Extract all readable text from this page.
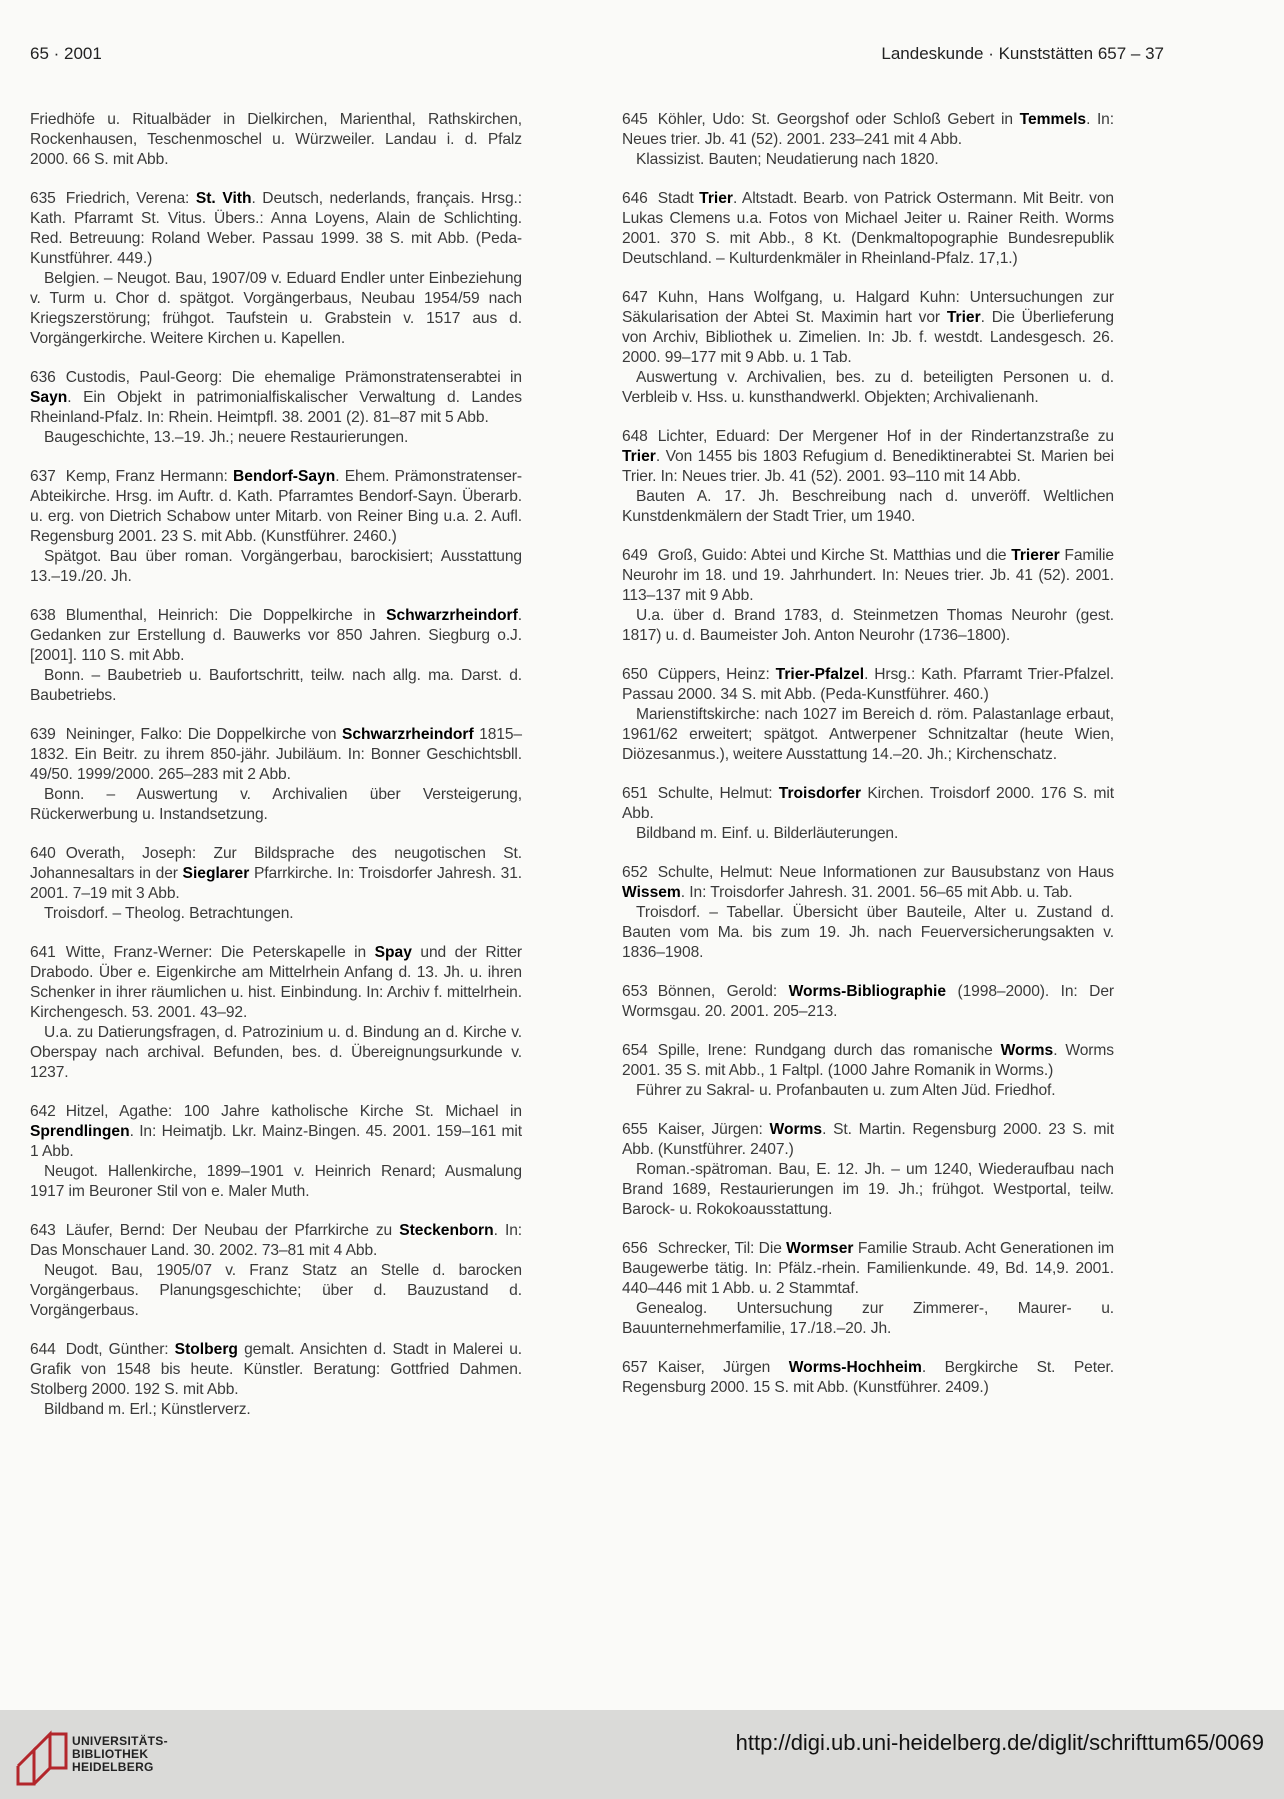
65 · 2001	Landeskunde · Kunststätten 657 – 37

Friedhöfe u. Ritualbäder in Dielkirchen, Marienthal, Rathskirchen, Rockenhausen, Teschenmoschel u. Würzweiler. Landau i. d. Pfalz 2000. 66 S. mit Abb.

635 Friedrich, Verena: St. Vith. Deutsch, nederlands, français. Hrsg.: Kath. Pfarramt St. Vitus. Übers.: Anna Loyens, Alain de Schlichting. Red. Betreuung: Roland Weber. Passau 1999. 38 S. mit Abb. (Peda-Kunstführer. 449.)

Belgien. – Neugot. Bau, 1907/09 v. Eduard Endler unter Einbeziehung v. Turm u. Chor d. spätgot. Vorgängerbaus, Neubau 1954/59 nach Kriegszerstörung; frühgot. Taufstein u. Grabstein v. 1517 aus d. Vorgängerkirche. Weitere Kirchen u. Kapellen.

636 Custodis, Paul-Georg: Die ehemalige Prämonstratenserabtei in Sayn. Ein Objekt in patrimonialfiskalischer Verwaltung d. Landes Rheinland-Pfalz. In: Rhein. Heimtpfl. 38. 2001 (2). 81–87 mit 5 Abb.

Baugeschichte, 13.–19. Jh.; neuere Restaurierungen.

637 Kemp, Franz Hermann: Bendorf-Sayn. Ehem. Prämonstratenser-Abteikirche. Hrsg. im Auftr. d. Kath. Pfarramtes Bendorf-Sayn. Überarb. u. erg. von Dietrich Schabow unter Mitarb. von Reiner Bing u.a. 2. Aufl. Regensburg 2001. 23 S. mit Abb. (Kunstführer. 2460.)

Spätgot. Bau über roman. Vorgängerbau, barockisiert; Ausstattung 13.–19./20. Jh.

638 Blumenthal, Heinrich: Die Doppelkirche in Schwarzrheindorf. Gedanken zur Erstellung d. Bauwerks vor 850 Jahren. Siegburg o.J. [2001]. 110 S. mit Abb.

Bonn. – Baubetrieb u. Baufortschritt, teilw. nach allg. ma. Darst. d. Baubetriebs.

639 Neininger, Falko: Die Doppelkirche von Schwarzrheindorf 1815–1832. Ein Beitr. zu ihrem 850-jähr. Jubiläum. In: Bonner Geschichtsbll. 49/50. 1999/2000. 265–283 mit 2 Abb.

Bonn. – Auswertung v. Archivalien über Versteigerung, Rückerwerbung u. Instandsetzung.

640 Overath, Joseph: Zur Bildsprache des neugotischen St. Johannesaltars in der Sieglarer Pfarrkirche. In: Troisdorfer Jahresh. 31. 2001. 7–19 mit 3 Abb.

Troisdorf. – Theolog. Betrachtungen.

641 Witte, Franz-Werner: Die Peterskapelle in Spay und der Ritter Drabodo. Über e. Eigenkirche am Mittelrhein Anfang d. 13. Jh. u. ihren Schenker in ihrer räumlichen u. hist. Einbindung. In: Archiv f. mittelrhein. Kirchengesch. 53. 2001. 43–92.

U.a. zu Datierungsfragen, d. Patrozinium u. d. Bindung an d. Kirche v. Oberspay nach archival. Befunden, bes. d. Übereignungsurkunde v. 1237.

642 Hitzel, Agathe: 100 Jahre katholische Kirche St. Michael in Sprendlingen. In: Heimatjb. Lkr. Mainz-Bingen. 45. 2001. 159–161 mit 1 Abb.

Neugot. Hallenkirche, 1899–1901 v. Heinrich Renard; Ausmalung 1917 im Beuroner Stil von e. Maler Muth.

643 Läufer, Bernd: Der Neubau der Pfarrkirche zu Steckenborn. In: Das Monschauer Land. 30. 2002. 73–81 mit 4 Abb.

Neugot. Bau, 1905/07 v. Franz Statz an Stelle d. barocken Vorgängerbaus. Planungsgeschichte; über d. Bauzustand d. Vorgängerbaus.

644 Dodt, Günther: Stolberg gemalt. Ansichten d. Stadt in Malerei u. Grafik von 1548 bis heute. Künstler. Beratung: Gottfried Dahmen. Stolberg 2000. 192 S. mit Abb.

Bildband m. Erl.; Künstlerverz.

645 Köhler, Udo: St. Georgshof oder Schloß Gebert in Temmels. In: Neues trier. Jb. 41 (52). 2001. 233–241 mit 4 Abb.

Klassizist. Bauten; Neudatierung nach 1820.

646 Stadt Trier. Altstadt. Bearb. von Patrick Ostermann. Mit Beitr. von Lukas Clemens u.a. Fotos von Michael Jeiter u. Rainer Reith. Worms 2001. 370 S. mit Abb., 8 Kt. (Denkmaltopographie Bundesrepublik Deutschland. – Kulturdenkmäler in Rheinland-Pfalz. 17,1.)

647 Kuhn, Hans Wolfgang, u. Halgard Kuhn: Untersuchungen zur Säkularisation der Abtei St. Maximin hart vor Trier. Die Überlieferung von Archiv, Bibliothek u. Zimelien. In: Jb. f. westdt. Landesgesch. 26. 2000. 99–177 mit 9 Abb. u. 1 Tab.

Auswertung v. Archivalien, bes. zu d. beteiligten Personen u. d. Verbleib v. Hss. u. kunsthandwerkl. Objekten; Archivalienanh.

648 Lichter, Eduard: Der Mergener Hof in der Rindertanzstraße zu Trier. Von 1455 bis 1803 Refugium d. Benediktinerabtei St. Marien bei Trier. In: Neues trier. Jb. 41 (52). 2001. 93–110 mit 14 Abb.

Bauten A. 17. Jh. Beschreibung nach d. unveröff. Weltlichen Kunstdenkmälern der Stadt Trier, um 1940.

649 Groß, Guido: Abtei und Kirche St. Matthias und die Trierer Familie Neurohr im 18. und 19. Jahrhundert. In: Neues trier. Jb. 41 (52). 2001. 113–137 mit 9 Abb.

U.a. über d. Brand 1783, d. Steinmetzen Thomas Neurohr (gest. 1817) u. d. Baumeister Joh. Anton Neurohr (1736–1800).

650 Cüppers, Heinz: Trier-Pfalzel. Hrsg.: Kath. Pfarramt Trier-Pfalzel. Passau 2000. 34 S. mit Abb. (Peda-Kunstführer. 460.)

Marienstiftskirche: nach 1027 im Bereich d. röm. Palastanlage erbaut, 1961/62 erweitert; spätgot. Antwerpener Schnitzaltar (heute Wien, Diözesanmus.), weitere Ausstattung 14.–20. Jh.; Kirchenschatz.

651 Schulte, Helmut: Troisdorfer Kirchen. Troisdorf 2000. 176 S. mit Abb.

Bildband m. Einf. u. Bilderläuterungen.

652 Schulte, Helmut: Neue Informationen zur Bausubstanz von Haus Wissem. In: Troisdorfer Jahresh. 31. 2001. 56–65 mit Abb. u. Tab.

Troisdorf. – Tabellar. Übersicht über Bauteile, Alter u. Zustand d. Bauten vom Ma. bis zum 19. Jh. nach Feuerversicherungsakten v. 1836–1908.

653 Bönnen, Gerold: Worms-Bibliographie (1998–2000). In: Der Wormsgau. 20. 2001. 205–213.

654 Spille, Irene: Rundgang durch das romanische Worms. Worms 2001. 35 S. mit Abb., 1 Faltpl. (1000 Jahre Romanik in Worms.)

Führer zu Sakral- u. Profanbauten u. zum Alten Jüd. Friedhof.

655 Kaiser, Jürgen: Worms. St. Martin. Regensburg 2000. 23 S. mit Abb. (Kunstführer. 2407.)

Roman.-spätroman. Bau, E. 12. Jh. – um 1240, Wiederaufbau nach Brand 1689, Restaurierungen im 19. Jh.; frühgot. Westportal, teilw. Barock- u. Rokokoausstattung.

656 Schrecker, Til: Die Wormser Familie Straub. Acht Generationen im Baugewerbe tätig. In: Pfälz.-rhein. Familienkunde. 49, Bd. 14,9. 2001. 440–446 mit 1 Abb. u. 2 Stammtaf.

Genealog. Untersuchung zur Zimmerer-, Maurer- u. Bauunternehmerfamilie, 17./18.–20. Jh.

657 Kaiser, Jürgen Worms-Hochheim. Bergkirche St. Peter. Regensburg 2000. 15 S. mit Abb. (Kunstführer. 2409.)

UNIVERSITÄTS-
BIBLIOTHEK
HEIDELBERG
http://digi.ub.uni-heidelberg.de/diglit/schrifttum65/0069
